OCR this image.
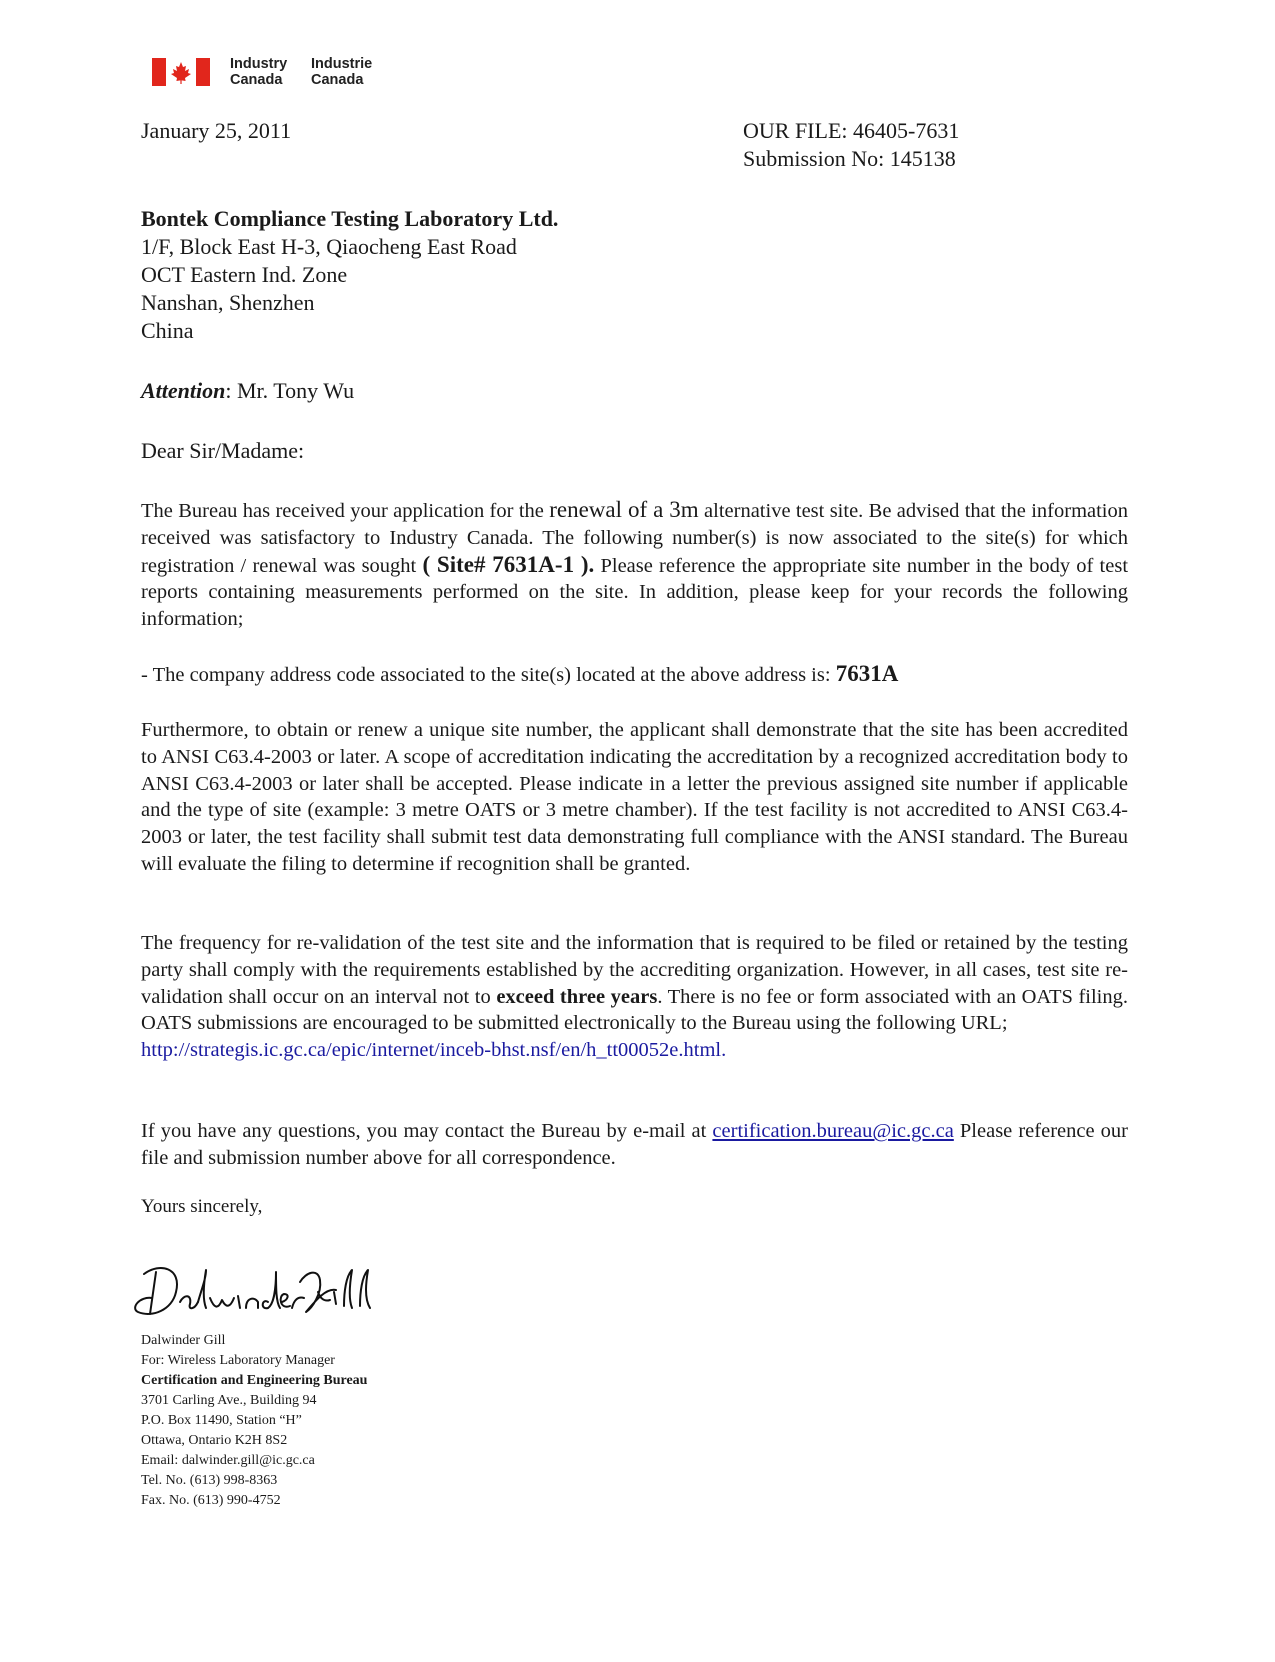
Industry
Canada
Industrie
Canada
January 25, 2011	OUR FILE: 46405-7631
Submission No: 145138
Bontek Compliance Testing Laboratory Ltd.
1/F, Block East H-3, Qiaocheng East Road
OCT Eastern Ind. Zone
Nanshan, Shenzhen
China
Attention: Mr. Tony Wu
Dear Sir/Madame:
The Bureau has received your application for the renewal of a 3m alternative test site. Be advised that the information received was satisfactory to Industry Canada. The following number(s) is now associated to the site(s) for which registration / renewal was sought ( Site# 7631A-1 ). Please reference the appropriate site number in the body of test reports containing measurements performed on the site. In addition, please keep for your records the following information;
- The company address code associated to the site(s) located at the above address is: 7631A
Furthermore, to obtain or renew a unique site number, the applicant shall demonstrate that the site has been accredited to ANSI C63.4-2003 or later. A scope of accreditation indicating the accreditation by a recognized accreditation body to ANSI C63.4-2003 or later shall be accepted. Please indicate in a letter the previous assigned site number if applicable and the type of site (example: 3 metre OATS or 3 metre chamber). If the test facility is not accredited to ANSI C63.4-2003 or later, the test facility shall submit test data demonstrating full compliance with the ANSI standard. The Bureau will evaluate the filing to determine if recognition shall be granted.
The frequency for re-validation of the test site and the information that is required to be filed or retained by the testing party shall comply with the requirements established by the accrediting organization. However, in all cases, test site re-validation shall occur on an interval not to exceed three years. There is no fee or form associated with an OATS filing. OATS submissions are encouraged to be submitted electronically to the Bureau using the following URL;
http://strategis.ic.gc.ca/epic/internet/inceb-bhst.nsf/en/h_tt00052e.html.
If you have any questions, you may contact the Bureau by e-mail at certification.bureau@ic.gc.ca Please reference our file and submission number above for all correspondence.
Yours sincerely,
Dalwinder Gill
For: Wireless Laboratory Manager
Certification and Engineering Bureau
3701 Carling Ave., Building 94
P.O. Box 11490, Station “H”
Ottawa, Ontario K2H 8S2
Email: dalwinder.gill@ic.gc.ca
Tel. No. (613) 998-8363
Fax. No. (613) 990-4752
